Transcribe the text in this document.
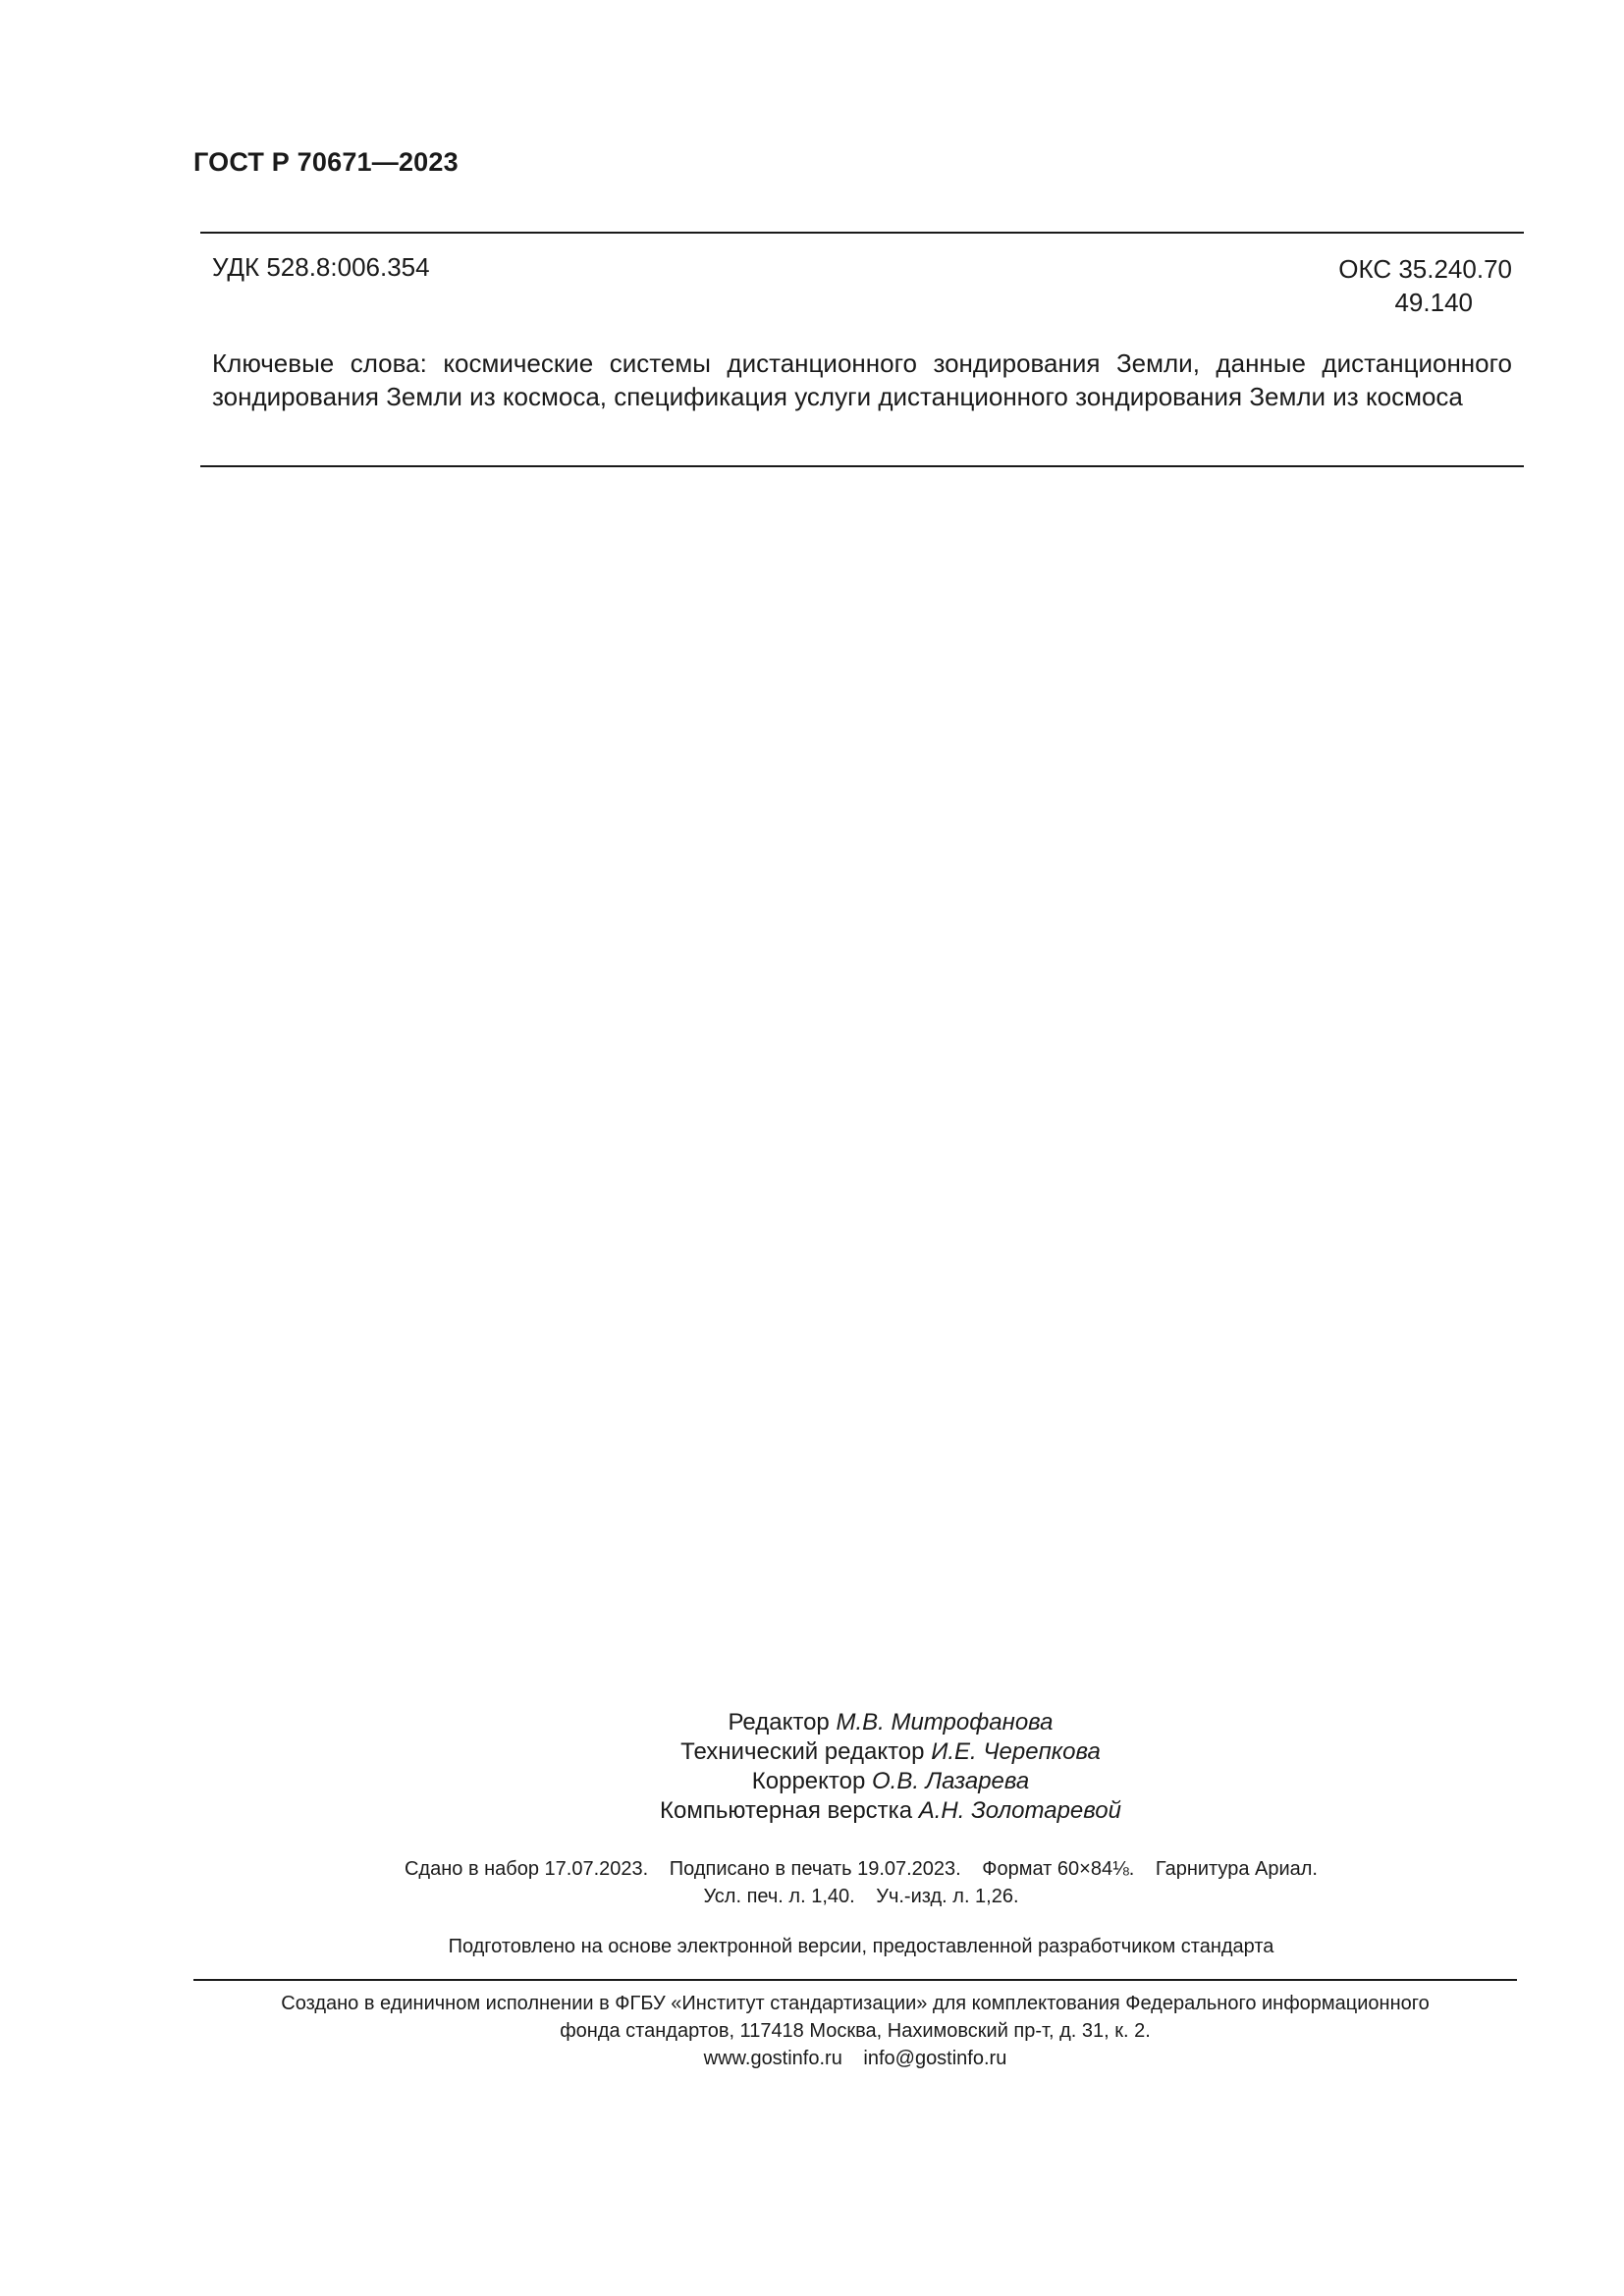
ГОСТ Р 70671—2023
УДК 528.8:006.354	ОКС 35.240.70
49.140
Ключевые слова: космические системы дистанционного зондирования Земли, данные дистанционного зондирования Земли из космоса, спецификация услуги дистанционного зондирования Земли из космоса
Редактор М.В. Митрофанова
Технический редактор И.Е. Черепкова
Корректор О.В. Лазарева
Компьютерная верстка А.Н. Золотаревой
Сдано в набор 17.07.2023. Подписано в печать 19.07.2023. Формат 60×84⅛. Гарнитура Ариал.
Усл. печ. л. 1,40. Уч.-изд. л. 1,26.
Подготовлено на основе электронной версии, предоставленной разработчиком стандарта
Создано в единичном исполнении в ФГБУ «Институт стандартизации» для комплектования Федерального информационного
фонда стандартов, 117418 Москва, Нахимовский пр-т, д. 31, к. 2.
www.gostinfo.ru info@gostinfo.ru
